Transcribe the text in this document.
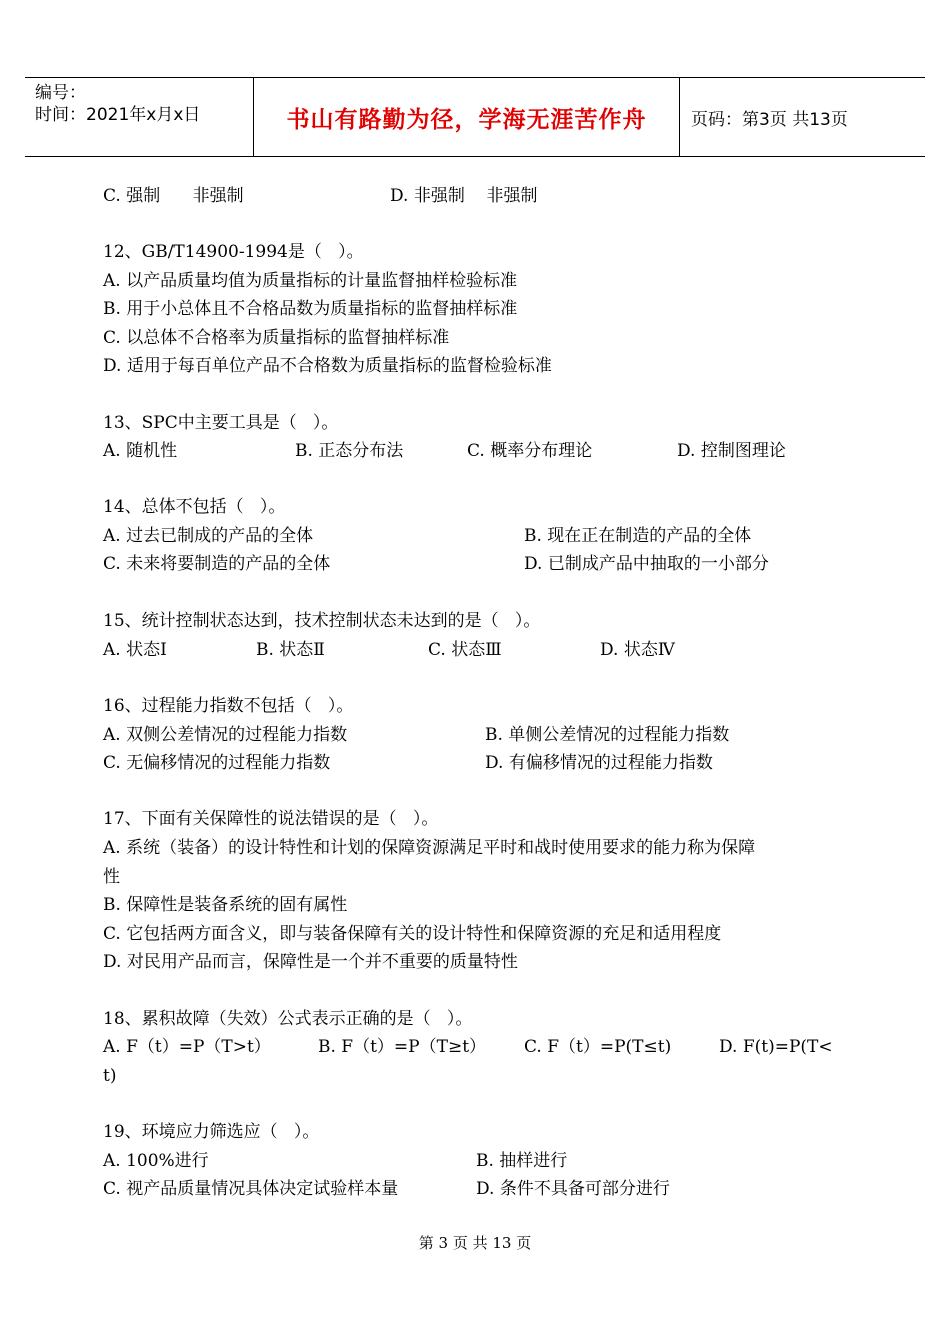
编号：
时间：2021年x月x日	书山有路勤为径，学海无涯苦作舟	页码：第3页 共13页
C. 强制      非强制	D. 非强制    非强制
12、GB/T14900-1994是（   ）。
A. 以产品质量均值为质量指标的计量监督抽样检验标准
B. 用于小总体且不合格品数为质量指标的监督抽样标准
C. 以总体不合格率为质量指标的监督抽样标准
D. 适用于每百单位产品不合格数为质量指标的监督检验标准
13、SPC中主要工具是（   ）。
A. 随机性	B. 正态分布法	C. 概率分布理论	D. 控制图理论
14、总体不包括（   ）。
A. 过去已制成的产品的全体	B. 现在正在制造的产品的全体
C. 未来将要制造的产品的全体	D. 已制成产品中抽取的一小部分
15、统计控制状态达到，技术控制状态未达到的是（   ）。
A. 状态Ⅰ	B. 状态Ⅱ	C. 状态Ⅲ	D. 状态Ⅳ
16、过程能力指数不包括（   ）。
A. 双侧公差情况的过程能力指数	B. 单侧公差情况的过程能力指数
C. 无偏移情况的过程能力指数	D. 有偏移情况的过程能力指数
17、下面有关保障性的说法错误的是（   ）。
A. 系统（装备）的设计特性和计划的保障资源满足平时和战时使用要求的能力称为保障
性
B. 保障性是装备系统的固有属性
C. 它包括两方面含义，即与装备保障有关的设计特性和保障资源的充足和适用程度
D. 对民用产品而言，保障性是一个并不重要的质量特性
18、累积故障（失效）公式表示正确的是（   ）。
A. F（t）=P（T>t）	B. F（t）=P（T≥t） C. F（t）=P(T≤t)	D. F(t)=P(T<
t)
19、环境应力筛选应（   ）。
A. 100%进行	B. 抽样进行
C. 视产品质量情况具体决定试验样本量	D. 条件不具备可部分进行
第 3 页 共 13 页
